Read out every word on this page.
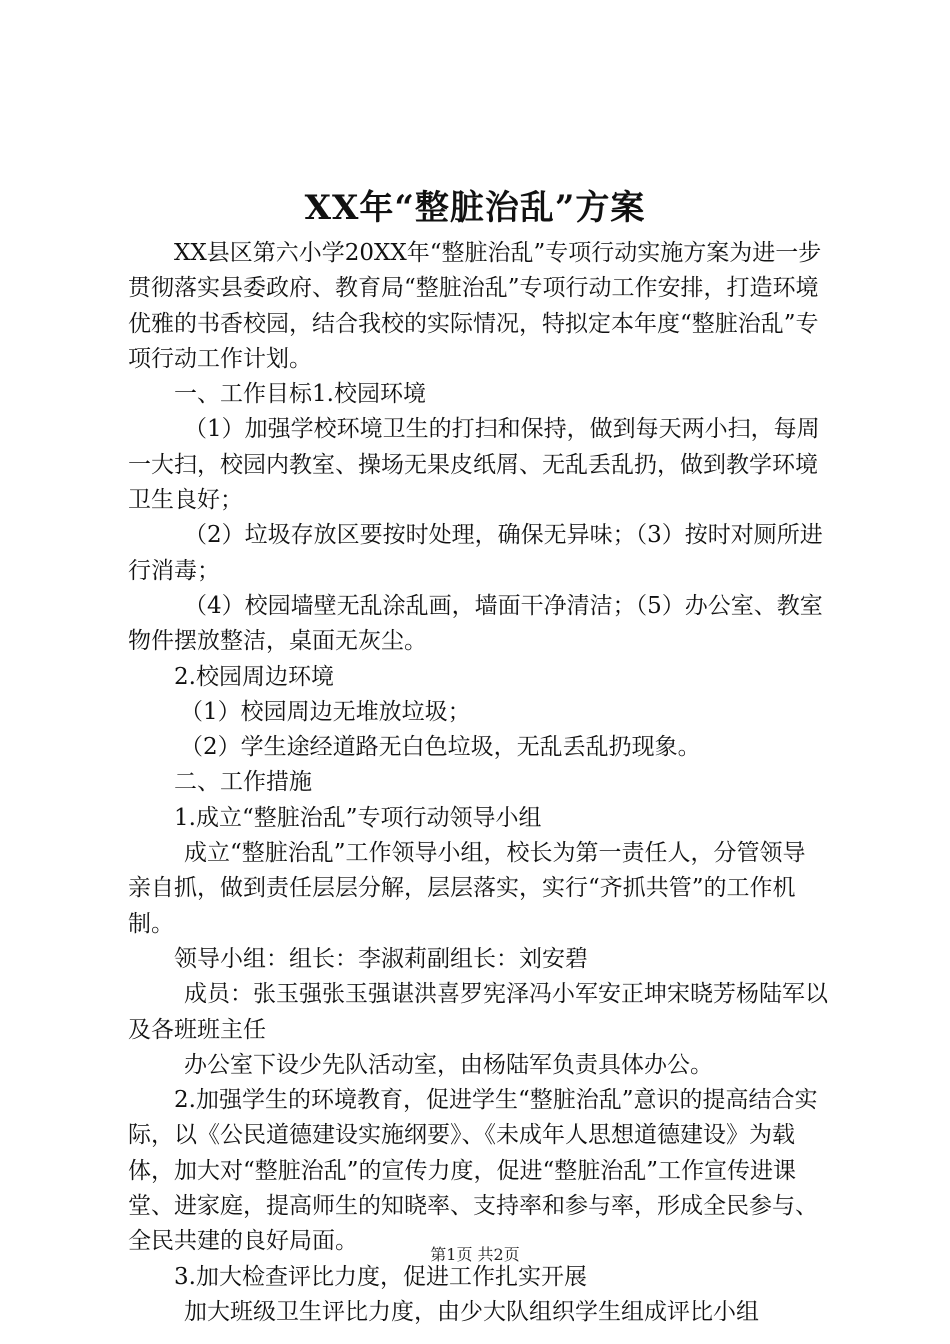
XX年“整脏治乱”方案

XX县区第六小学20XX年“整脏治乱”专项行动实施方案为进一步贯彻落实县委政府、教育局“整脏治乱”专项行动工作安排，打造环境优雅的书香校园，结合我校的实际情况，特拟定本年度“整脏治乱”专项行动工作计划。

一、工作目标1.校园环境

（1）加强学校环境卫生的打扫和保持，做到每天两小扫，每周一大扫，校园内教室、操场无果皮纸屑、无乱丢乱扔，做到教学环境卫生良好；

（2）垃圾存放区要按时处理，确保无异味；（3）按时对厕所进行消毒；

（4）校园墙壁无乱涂乱画，墙面干净清洁；（5）办公室、教室物件摆放整洁，桌面无灰尘。

2.校园周边环境

（1）校园周边无堆放垃圾；

（2）学生途经道路无白色垃圾，无乱丢乱扔现象。

二、工作措施

1.成立“整脏治乱”专项行动领导小组

成立“整脏治乱”工作领导小组，校长为第一责任人，分管领导亲自抓，做到责任层层分解，层层落实，实行“齐抓共管”的工作机制。

领导小组：组长：李淑莉副组长：刘安碧

成员：张玉强张玉强谌洪喜罗宪泽冯小军安正坤宋晓芳杨陆军以及各班班主任

办公室下设少先队活动室，由杨陆军负责具体办公。

2.加强学生的环境教育，促进学生“整脏治乱”意识的提高结合实际，以《公民道德建设实施纲要》、《未成年人思想道德建设》为载体，加大对“整脏治乱”的宣传力度，促进“整脏治乱”工作宣传进课堂、进家庭，提高师生的知晓率、支持率和参与率，形成全民参与、全民共建的良好局面。

3.加大检查评比力度，促进工作扎实开展

加大班级卫生评比力度，由少大队组织学生组成评比小组

第1页 共2页
